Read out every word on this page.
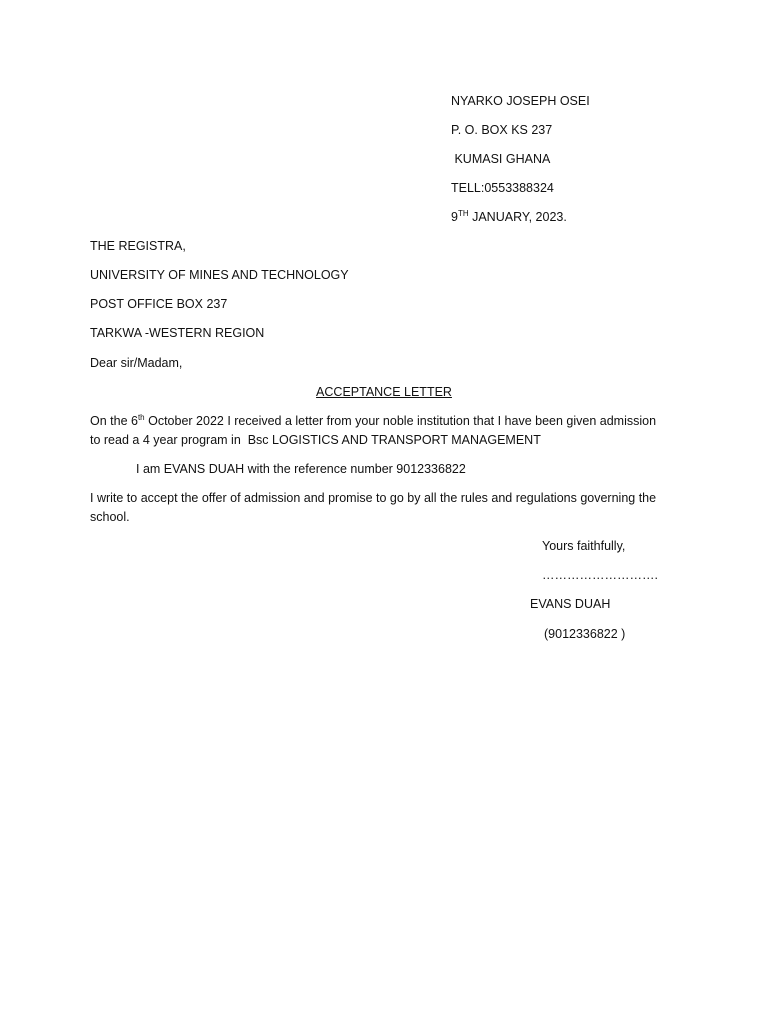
NYARKO JOSEPH OSEI
P. O. BOX KS 237
KUMASI GHANA
TELL:0553388324
9TH JANUARY, 2023.
THE REGISTRA,
UNIVERSITY OF MINES AND TECHNOLOGY
POST OFFICE BOX 237
TARKWA -WESTERN REGION
Dear sir/Madam,
ACCEPTANCE LETTER
On the 6th October 2022 I received a letter from your noble institution that I have been given admission
to read a 4 year program in  Bsc LOGISTICS AND TRANSPORT MANAGEMENT
I am EVANS DUAH with the reference number 9012336822
I write to accept the offer of admission and promise to go by all the rules and regulations governing the
school.
Yours faithfully,
……………………….
EVANS DUAH
(9012336822 )
